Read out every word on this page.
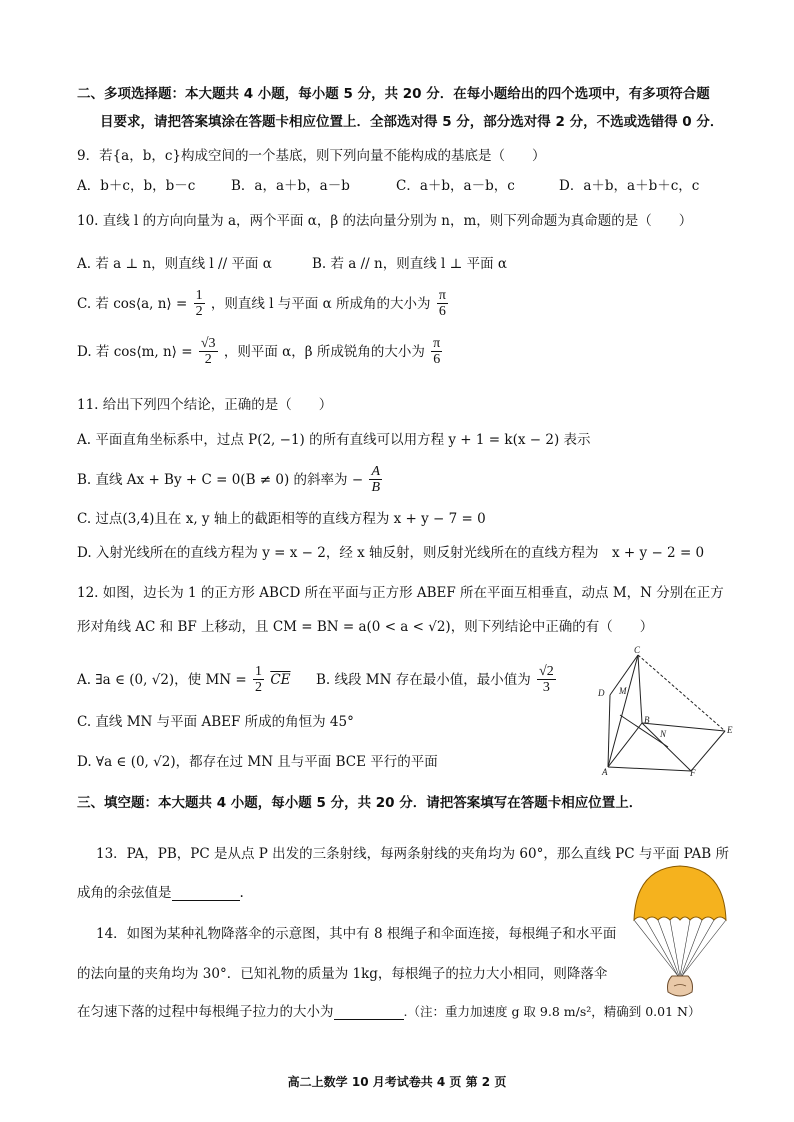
二、多项选择题：本大题共 4 小题，每小题 5 分，共 20 分．在每小题给出的四个选项中，有多项符合题
目要求，请把答案填涂在答题卡相应位置上．全部选对得 5 分，部分选对得 2 分，不选或选错得 0 分．
9．若{a，b，c}构成空间的一个基底，则下列向量不能构成的基底是（　　）
A．b＋c，b，b－c	B．a，a＋b，a－b	C．a＋b，a－b，c	D．a＋b，a＋b＋c，c
10. 直线 l 的方向向量为 a，两个平面 α，β 的法向量分别为 n，m，则下列命题为真命题的是（　　）
A. 若 a ⊥ n，则直线 l // 平面 α	B. 若 a // n，则直线 l ⊥ 平面 α
C. 若 cos⟨a, n⟩ = $\frac{1}{2}$ ，则直线 l 与平面 α 所成角的大小为 $\frac{\pi}{6}$
D. 若 cos⟨m, n⟩ = $\frac{√3}{2}$ ，则平面 α，β 所成锐角的大小为 $\frac{\pi}{6}$
11. 给出下列四个结论，正确的是（　　）
A. 平面直角坐标系中，过点 P(2, −1) 的所有直线可以用方程 y + 1 = k(x − 2) 表示
B. 直线 Ax + By + C = 0(B ≠ 0) 的斜率为 − $\frac{A}{B}$
C. 过点(3,4)且在 x, y 轴上的截距相等的直线方程为 x + y − 7 = 0
D. 入射光线所在的直线方程为 y = x − 2，经 x 轴反射，则反射光线所在的直线方程为　x + y − 2 = 0
12. 如图，边长为 1 的正方形 ABCD 所在平面与正方形 ABEF 所在平面互相垂直，动点 M，N 分别在正方
形对角线 AC 和 BF 上移动，且 CM = BN = a(0 < a < √2)，则下列结论中正确的有（　　）
A. ∃a ∈ (0, √2)，使 MN = $\frac{1}{2} \overline{CE}$ B. 线段 MN 存在最小值，最小值为 $\frac{√2}{3}$
C. 直线 MN 与平面 ABEF 所成的角恒为 45°
D. ∀a ∈ (0, √2)，都存在过 MN 且与平面 BCE 平行的平面
C
D M
B
N	E
A	F
三、填空题：本大题共 4 小题，每小题 5 分，共 20 分．请把答案填写在答题卡相应位置上．
13．PA，PB，PC 是从点 P 出发的三条射线，每两条射线的夹角均为 60°，那么直线 PC 与平面 PAB 所
成角的余弦值是	.
14．如图为某种礼物降落伞的示意图，其中有 8 根绳子和伞面连接，每根绳子和水平面
的法向量的夹角均为 30°．已知礼物的质量为 1kg，每根绳子的拉力大小相同，则降落伞
在匀速下落的过程中每根绳子拉力的大小为	.（注：重力加速度 g 取 9.8 m/s²，精确到 0.01 N）
高二上数学 10 月考试卷共 4 页 第 2 页
